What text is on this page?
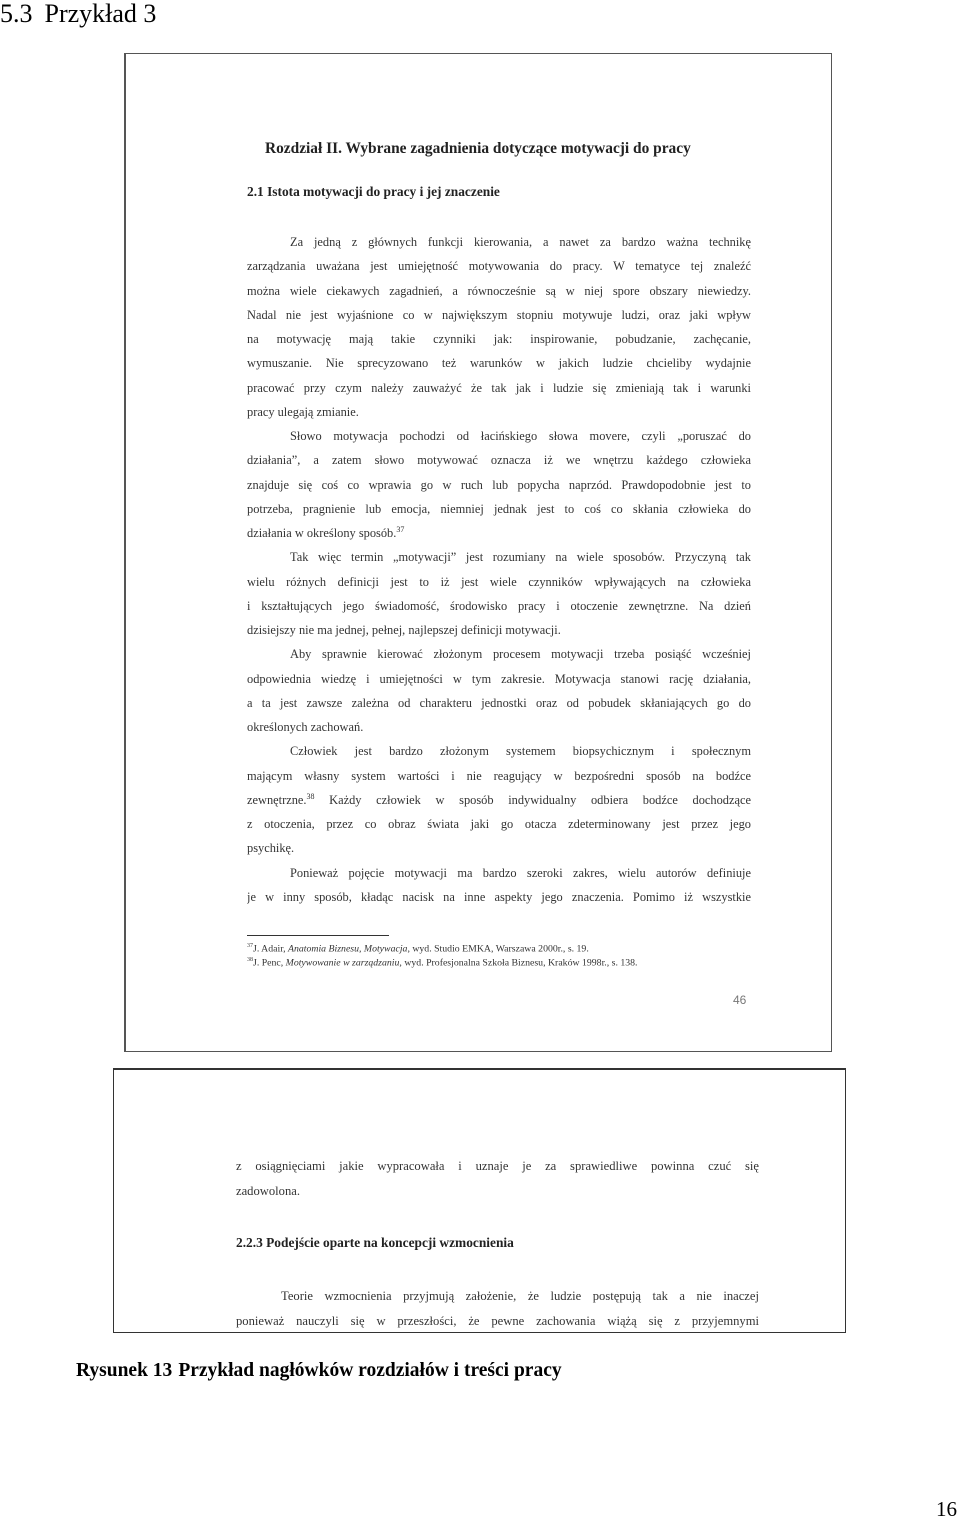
5.3 Przykład 3
Rozdział II. Wybrane zagadnienia dotyczące motywacji do pracy
2.1 Istota motywacji do pracy i jej znaczenie
Za jedną z głównych funkcji kierowania, a nawet za bardzo ważna technikę
zarządzania uważana jest umiejętność motywowania do pracy. W tematyce tej znaleźć
można wiele ciekawych zagadnień, a równocześnie są w niej spore obszary niewiedzy.
Nadal nie jest wyjaśnione co w największym stopniu motywuje ludzi, oraz jaki wpływ
na motywację mają takie czynniki jak: inspirowanie, pobudzanie, zachęcanie,
wymuszanie. Nie sprecyzowano też warunków w jakich ludzie chcieliby wydajnie
pracować przy czym należy zauważyć że tak jak i ludzie się zmieniają tak i warunki
pracy ulegają zmianie.
Słowo motywacja pochodzi od łacińskiego słowa movere, czyli „poruszać do
działania”, a zatem słowo motywować oznacza iż we wnętrzu każdego człowieka
znajduje się coś co wprawia go w ruch lub popycha naprzód. Prawdopodobnie jest to
potrzeba, pragnienie lub emocja, niemniej jednak jest to coś co skłania człowieka do
działania w określony sposób.$^{37}$
Tak więc termin „motywacji” jest rozumiany na wiele sposobów. Przyczyną tak
wielu różnych definicji jest to iż jest wiele czynników wpływających na człowieka
i kształtujących jego świadomość, środowisko pracy i otoczenie zewnętrzne. Na dzień
dzisiejszy nie ma jednej, pełnej, najlepszej definicji motywacji.
Aby sprawnie kierować złożonym procesem motywacji trzeba posiąść wcześniej
odpowiednia wiedzę i umiejętności w tym zakresie. Motywacja stanowi rację działania,
a ta jest zawsze zależna od charakteru jednostki oraz od pobudek skłaniających go do
określonych zachowań.
Człowiek jest bardzo złożonym systemem biopsychicznym i społecznym
mającym własny system wartości i nie reagujący w bezpośredni sposób na bodźce
zewnętrzne.$^{38}$ Każdy człowiek w sposób indywidualny odbiera bodźce dochodzące
z otoczenia, przez co obraz świata jaki go otacza zdeterminowany jest przez jego
psychikę.
Ponieważ pojęcie motywacji ma bardzo szeroki zakres, wielu autorów definiuje
je w inny sposób, kładąc nacisk na inne aspekty jego znaczenia. Pomimo iż wszystkie
$^{37}$J. Adair, Anatomia Biznesu, Motywacja, wyd. Studio EMKA, Warszawa 2000r., s. 19.
$^{38}$J. Penc, Motywowanie w zarządzaniu, wyd. Profesjonalna Szkoła Biznesu, Kraków 1998r., s. 138.
46
z osiągnięciami jakie wypracowała i uznaje je za sprawiedliwe powinna czuć się
zadowolona.
2.2.3 Podejście oparte na koncepcji wzmocnienia
Teorie wzmocnienia przyjmują założenie, że ludzie postępują tak a nie inaczej
ponieważ nauczyli się w przeszłości, że pewne zachowania wiążą się z przyjemnymi
Rysunek 13 Przykład nagłówków rozdziałów i treści pracy
16
